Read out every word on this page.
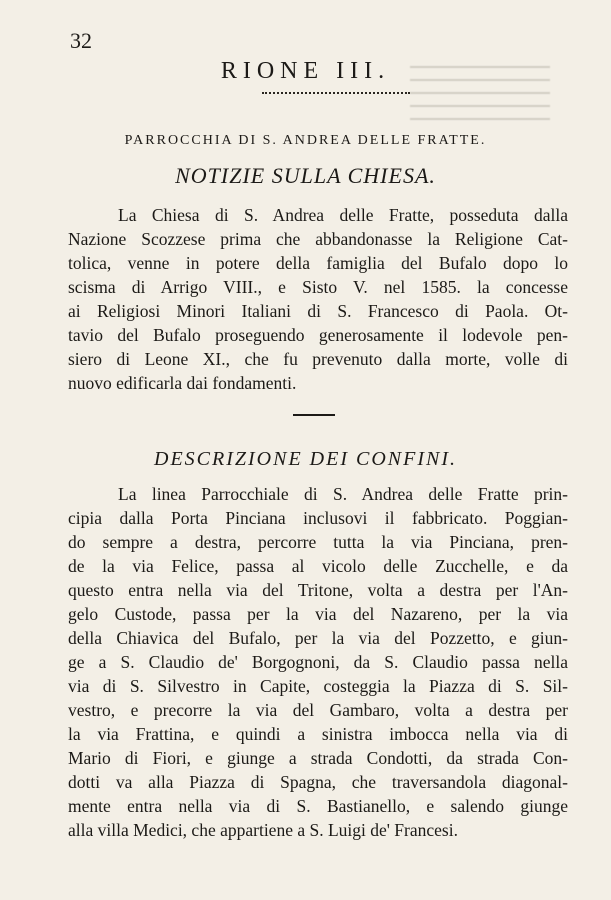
32
RIONE III.
PARROCCHIA DI S. ANDREA DELLE FRATTE.
NOTIZIE SULLA CHIESA.
La Chiesa di S. Andrea delle Fratte, posseduta dalla
Nazione Scozzese prima che abbandonasse la Religione Cat-
tolica, venne in potere della famiglia del Bufalo dopo lo
scisma di Arrigo VIII., e Sisto V. nel 1585. la concesse
ai Religiosi Minori Italiani di S. Francesco di Paola. Ot-
tavio del Bufalo proseguendo generosamente il lodevole pen-
siero di Leone XI., che fu prevenuto dalla morte, volle di
nuovo edificarla dai fondamenti.
DESCRIZIONE DEI CONFINI.
La linea Parrocchiale di S. Andrea delle Fratte prin-
cipia dalla Porta Pinciana inclusovi il fabbricato. Poggian-
do sempre a destra, percorre tutta la via Pinciana, pren-
de la via Felice, passa al vicolo delle Zucchelle, e da
questo entra nella via del Tritone, volta a destra per l'An-
gelo Custode, passa per la via del Nazareno, per la via
della Chiavica del Bufalo, per la via del Pozzetto, e giun-
ge a S. Claudio de' Borgognoni, da S. Claudio passa nella
via di S. Silvestro in Capite, costeggia la Piazza di S. Sil-
vestro, e precorre la via del Gambaro, volta a destra per
la via Frattina, e quindi a sinistra imbocca nella via di
Mario di Fiori, e giunge a strada Condotti, da strada Con-
dotti va alla Piazza di Spagna, che traversandola diagonal-
mente entra nella via di S. Bastianello, e salendo giunge
alla villa Medici, che appartiene a S. Luigi de' Francesi.
